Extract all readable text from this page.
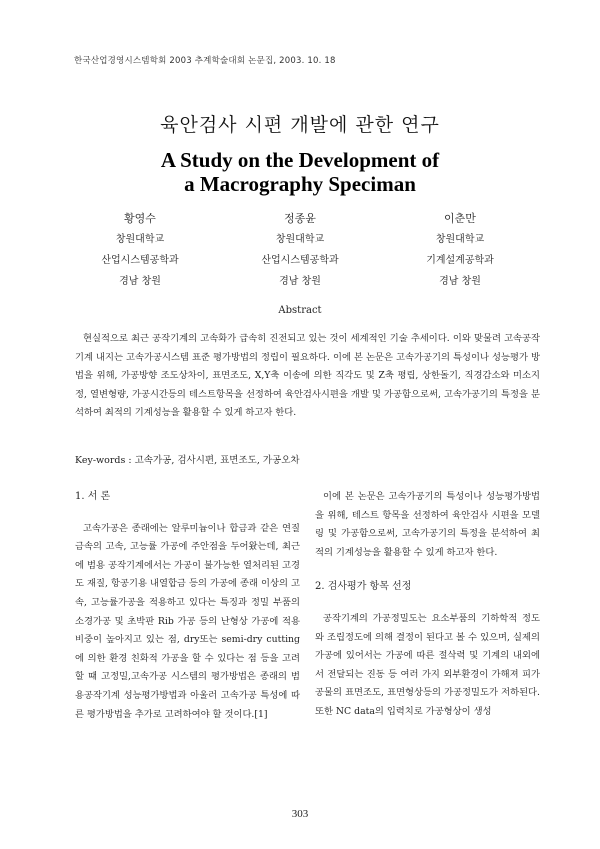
한국산업경영시스템학회 2003 추계학술대회 논문집, 2003. 10. 18
육안검사 시편 개발에 관한 연구
A Study on the Development of
a Macrography Speciman
황영수
창원대학교
산업시스템공학과
경남 창원
정종윤
창원대학교
산업시스템공학과
경남 창원
이춘만
창원대학교
기계설계공학과
경남 창원
Abstract
현실적으로 최근 공작기계의 고속화가 급속히 진전되고 있는 것이 세계적인 기술 추세이다. 이와 맞물려 고속공작기계 내지는 고속가공시스템 표준 평가방법의 정립이 필요하다. 이에 본 논문은 고속가공기의 특성이나 성능평가 방법을 위해, 가공방향 조도상차이, 표면조도, X,Y축 이송에 의한 직각도 및 Z축 평립, 상한돌기, 직경감소와 미소지정, 열변형량, 가공시간등의 테스트항목을 선정하여 육안검사시편을 개발 및 가공함으로써, 고속가공기의 특정을 분석하여 최적의 기계성능을 활용할 수 있게 하고자 한다.
Key-words : 고속가공, 검사시편, 표면조도, 가공오차
1. 서 론
고속가공은 종래에는 알루미늄이나 합금과 같은 연질금속의 고속, 고능률 가공에 주안점을 두어왔는데, 최근에 범용 공작기계에서는 가공이 불가능한 열처리된 고경도 재질, 항공기용 내열합금 등의 가공에 종래 이상의 고속, 고능률가공을 적용하고 있다는 특징과 정밀 부품의 소경가공 및 초박판 Rib 가공 등의 난형상 가공에 적용 비중이 높아지고 있는 점, dry또는 semi-dry cutting에 의한 환경 친화적 가공을 할 수 있다는 점 등을 고려할 때 고정밀,고속가공 시스템의 평가방법은 종래의 범용공작기계 성능평가방법과 아울러 고속가공 특성에 따른 평가방법을 추가로 고려하여야 할 것이다.[1]
이에 본 논문은 고속가공기의 특성이나 성능평가방법을 위해, 테스트 항목을 선정하여 육안검사 시편을 모델링 및 가공함으로써, 고속가공기의 특정을 분석하여 최적의 기계성능을 활용할 수 있게 하고자 한다.
2. 검사평가 항목 선정
공작기계의 가공정밀도는 요소부품의 기하학적 정도와 조립정도에 의해 결정이 된다고 볼 수 있으며, 실제의 가공에 있어서는 가공에 따른 절삭력 및 기계의 내외에서 전달되는 진동 등 여러 가지 외부환경이 가해져 피가공물의 표면조도, 표면형상등의 가공정밀도가 저하된다. 또한 NC data의 입력치로 가공형상이 생성
303
